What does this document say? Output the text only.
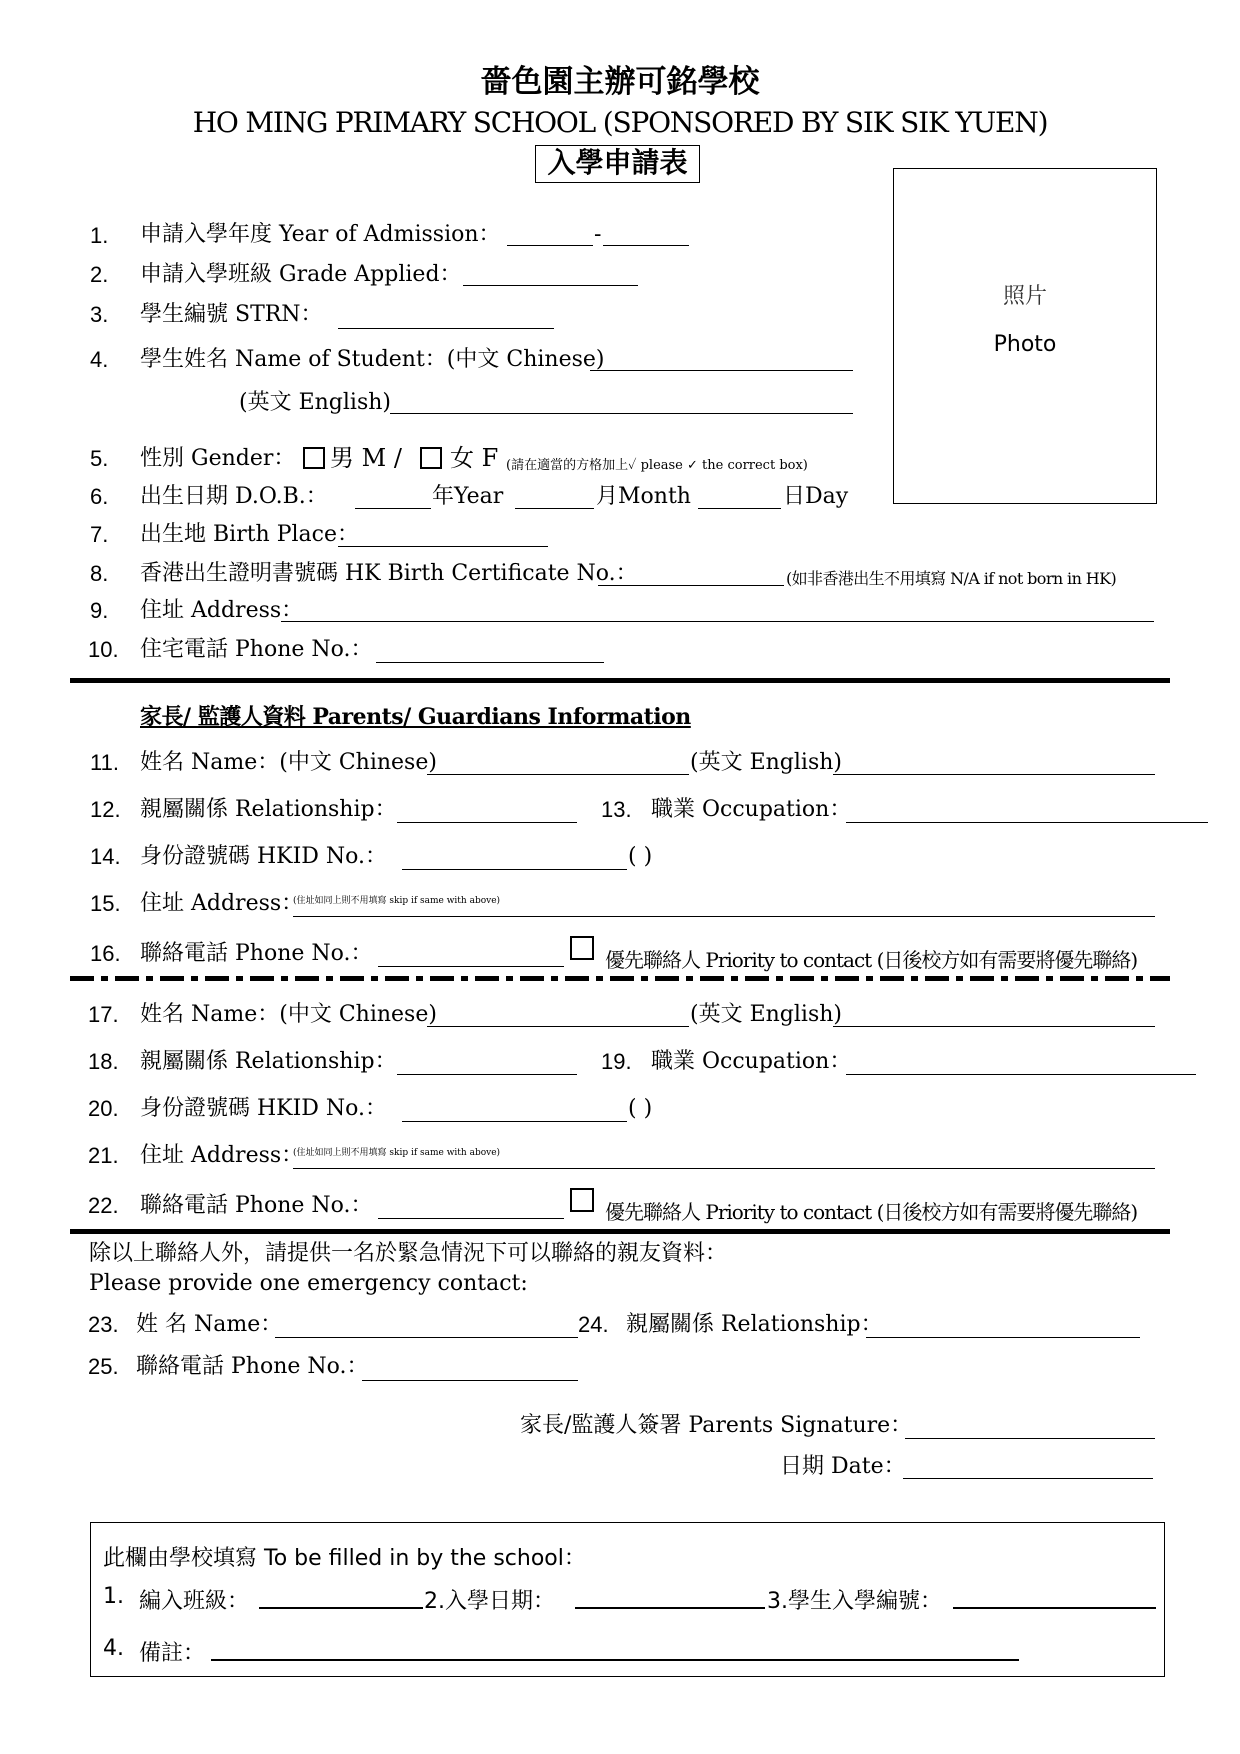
嗇色園主辦可銘學校
HO MING PRIMARY SCHOOL (SPONSORED BY SIK SIK YUEN)
入學申請表
照片
Photo
1. 申請入學年度 Year of Admission：	-
2. 申請入學班級 Grade Applied：
3. 學生編號 STRN：
4. 學生姓名 Name of Student：(中文 Chinese)
(英文 English)
5. 性別 Gender： 男 M / 女 F (請在適當的方格加上✓ please ✓ the correct box)
6. 出生日期 D.O.B.：	年Year	月Month	日Day
7. 出生地 Birth Place：
8. 香港出生證明書號碼 HK Birth Certificate No.：	(如非香港出生不用填寫 N/A if not born in HK)
9. 住址 Address：
10. 住宅電話 Phone No.：
家長/ 監護人資料 Parents/ Guardians Information
11. 姓名 Name：(中文 Chinese)	(英文 English)
12. 親屬關係 Relationship：	13. 職業 Occupation：
14. 身份證號碼 HKID No.：	( )
15. 住址 Address：
(住址如同上則不用填寫 skip if same with above)
16. 聯絡電話 Phone No.：	優先聯絡人 Priority to contact (日後校方如有需要將優先聯絡)
17. 姓名 Name：(中文 Chinese)	(英文 English)
18. 親屬關係 Relationship：	19. 職業 Occupation：
20. 身份證號碼 HKID No.：	( )
21. 住址 Address：
(住址如同上則不用填寫 skip if same with above)
22. 聯絡電話 Phone No.：	優先聯絡人 Priority to contact (日後校方如有需要將優先聯絡)
除以上聯絡人外，請提供一名於緊急情況下可以聯絡的親友資料：
Please provide one emergency contact:
23. 姓 名 Name：	24. 親屬關係 Relationship：
25. 聯絡電話 Phone No.：
家長/監護人簽署 Parents Signature：
日期 Date：
此欄由學校填寫 To be filled in by the school：
1. 編入班級：	2.入學日期：	3.學生入學編號：
4. 備註：
